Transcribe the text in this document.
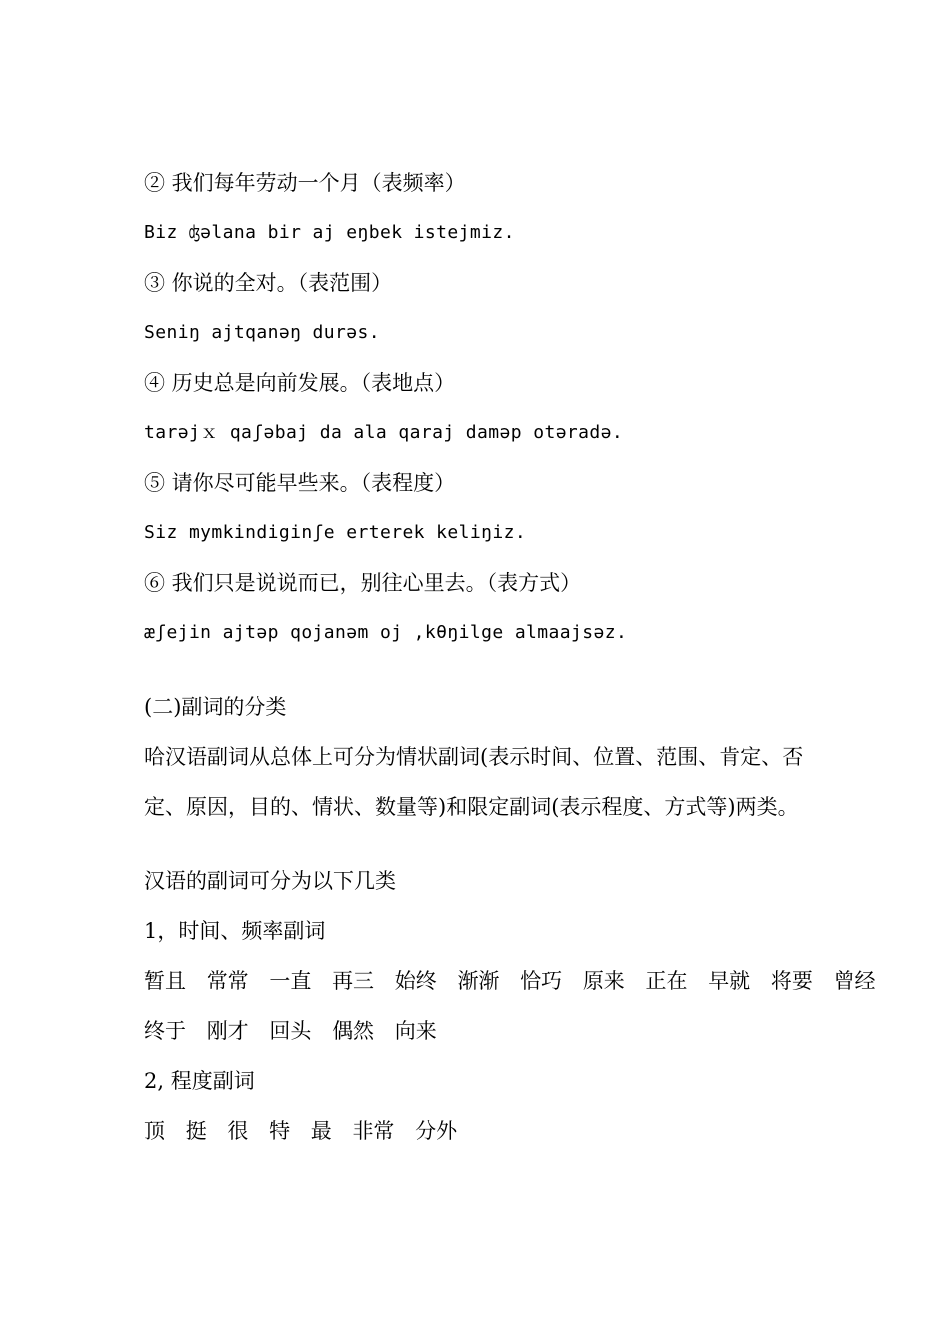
② 我们每年劳动一个月（表频率）
Biz ʤəlana bir aj eŋbek istejmiz.
③ 你说的全对。（表范围）
Seniŋ ajtqanəŋ durəs.
④ 历史总是向前发展。（表地点）
tarəjｘ qaʃəbaj da ala qaraj daməp otəradə.
⑤ 请你尽可能早些来。（表程度）
Siz mymkindiginʃe erterek keliŋiz.
⑥ 我们只是说说而已，别往心里去。（表方式）
æʃejin ajtəp qojanəm oj ,kθŋilge almaajsəz.
(二)副词的分类
哈汉语副词从总体上可分为情状副词(表示时间、位置、范围、肯定、否定、原因，目的、情状、数量等)和限定副词(表示程度、方式等)两类。
汉语的副词可分为以下几类
1，时间、频率副词
暂且 常常 一直 再三 始终 渐渐 恰巧 原来 正在 早就 将要 曾经
终于 刚才 回头 偶然 向来
2, 程度副词
顶 挺 很 特 最 非常 分外
